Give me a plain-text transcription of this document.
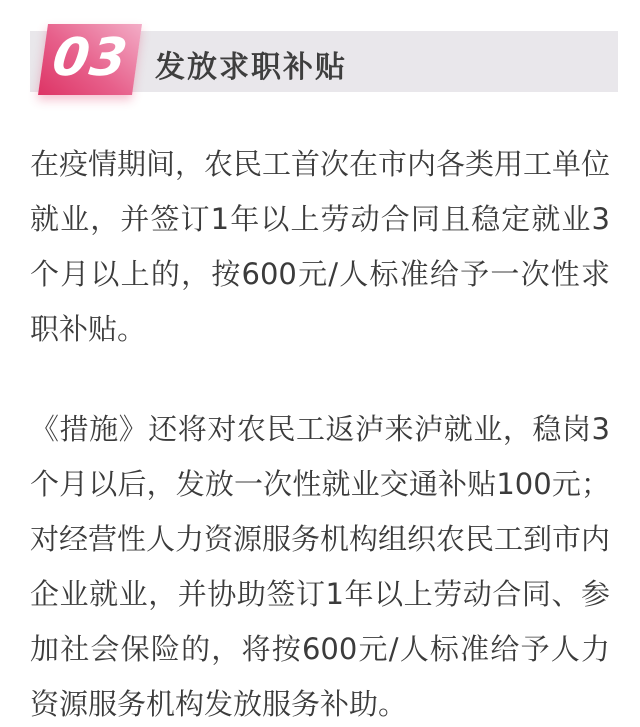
03 发放求职补贴

在疫情期间，农民工首次在市内各类用工单位就业，并签订1年以上劳动合同且稳定就业3个月以上的，按600元/人标准给予一次性求职补贴。

《措施》还将对农民工返泸来泸就业，稳岗3个月以后，发放一次性就业交通补贴100元；对经营性人力资源服务机构组织农民工到市内企业就业，并协助签订1年以上劳动合同、参加社会保险的，将按600元/人标准给予人力资源服务机构发放服务补助。
